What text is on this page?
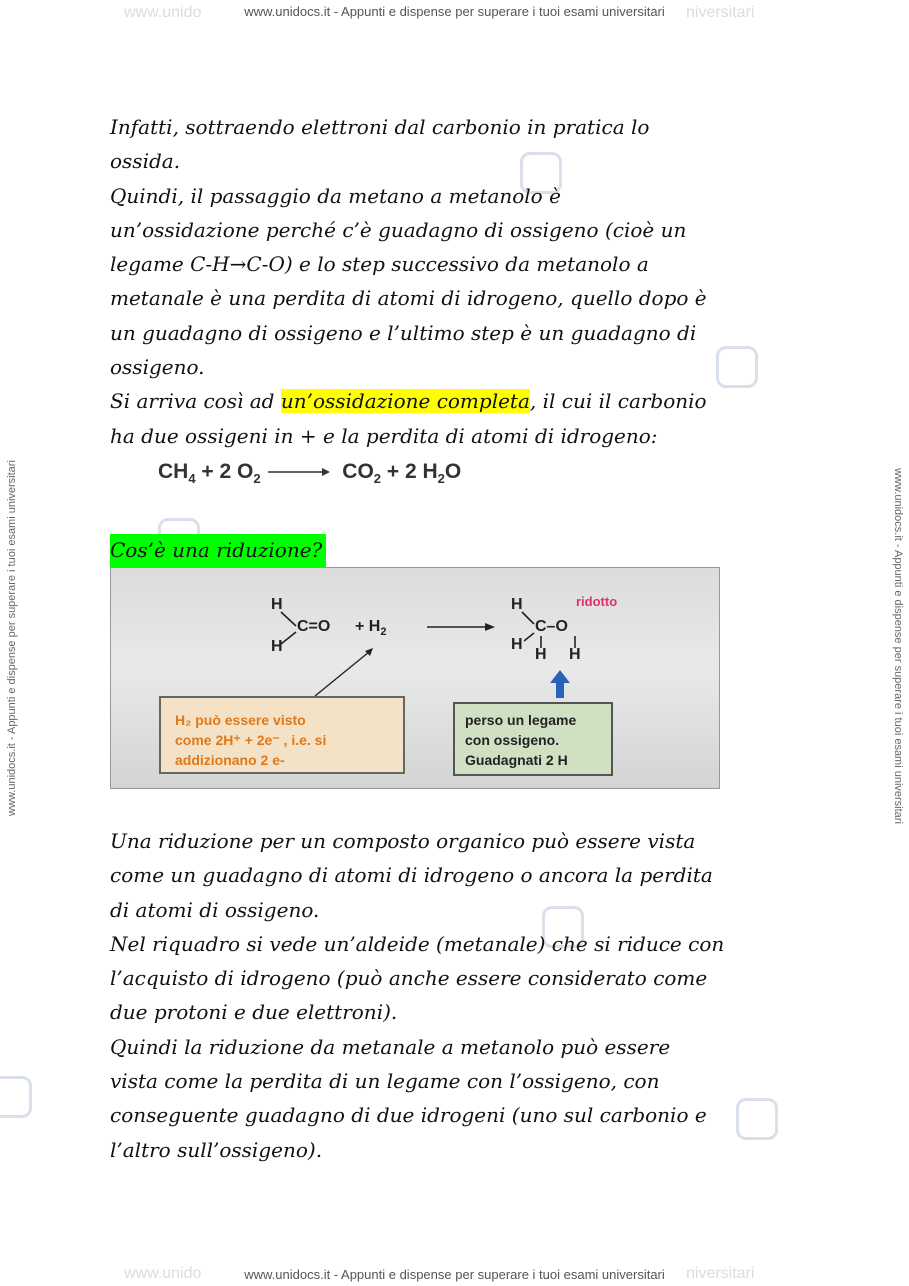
www.unido	niversitari
www.unidocs.it - Appunti e dispense per superare i tuoi esami universitari
www.unido	niversitari
www.unidocs.it - Appunti e dispense per superare i tuoi esami universitari
www.unidocs.it - Appunti e dispense per superare i tuoi esami universitari	www.unidocs.it - Appunti e dispense per superare i tuoi esami universitari
Infatti, sottraendo elettroni dal carbonio in pratica lo
ossida.
Quindi, il passaggio da metano a metanolo è
un’ossidazione perché c’è guadagno di ossigeno (cioè un
legame C-H→C-O) e lo step successivo da metanolo a
metanale è una perdita di atomi di idrogeno, quello dopo è
un guadagno di ossigeno e l’ultimo step è un guadagno di
ossigeno.
Si arriva così ad un’ossidazione completa, il cui il carbonio
ha due ossigeni in + e la perdita di atomi di idrogeno:
$CH_4 + 2$ $O_2 \to CO_2 + 2$ $H_2O$
Cos’è una riduzione?
H
C=O
H
+ $H_2$
H
C–O
H
H H
ridotto
H₂ può essere visto
come 2H⁺ + 2e⁻ , i.e. si
addizionano 2 e-
perso un legame
con ossigeno.
Guadagnati 2 H
Una riduzione per un composto organico può essere vista
come un guadagno di atomi di idrogeno o ancora la perdita
di atomi di ossigeno.
Nel riquadro si vede un’aldeide (metanale) che si riduce con
l’acquisto di idrogeno (può anche essere considerato come
due protoni e due elettroni).
Quindi la riduzione da metanale a metanolo può essere
vista come la perdita di un legame con l’ossigeno, con
conseguente guadagno di due idrogeni (uno sul carbonio e
l’altro sull’ossigeno).
